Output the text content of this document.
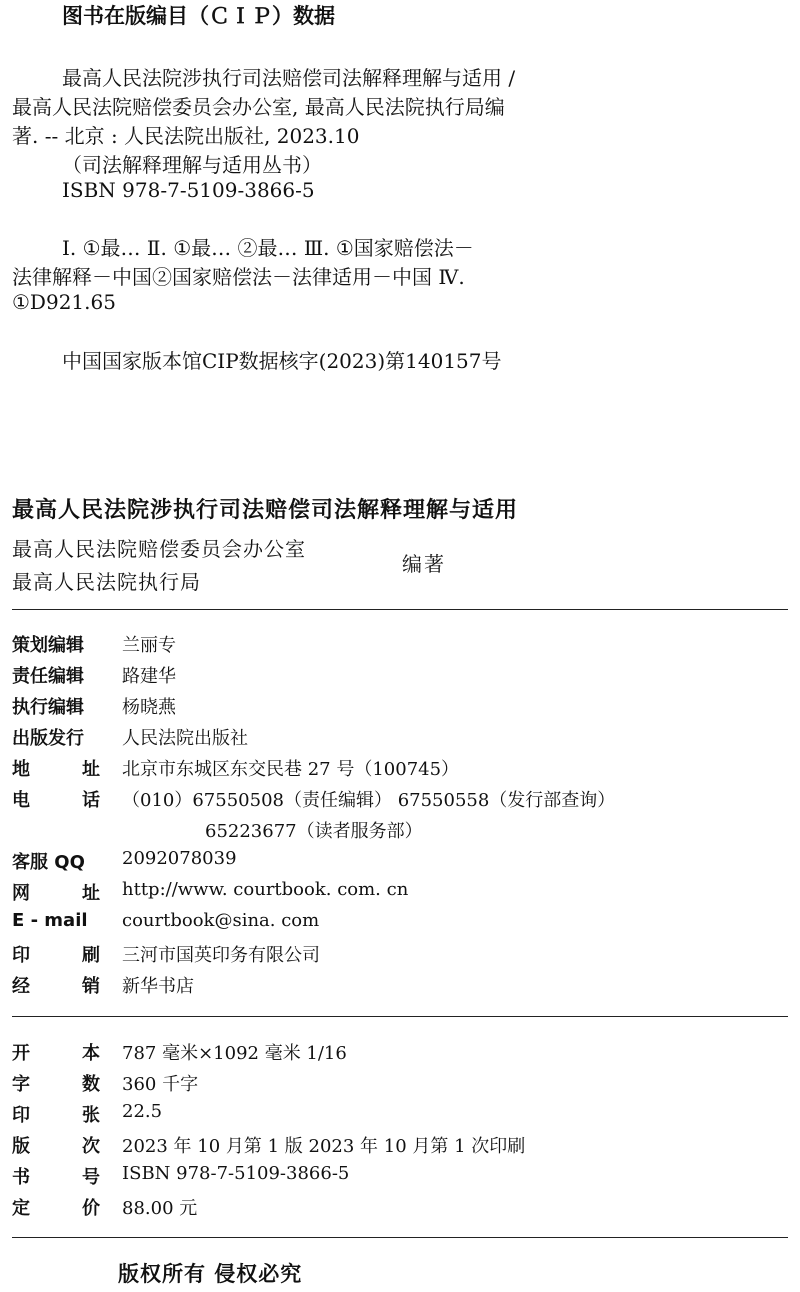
图书在版编目（ＣＩＰ）数据
最高人民法院涉执行司法赔偿司法解释理解与适用 /
最高人民法院赔偿委员会办公室, 最高人民法院执行局编
著. -- 北京 : 人民法院出版社, 2023.10
（司法解释理解与适用丛书）
ISBN 978-7-5109-3866-5
Ⅰ. ①最… Ⅱ. ①最… ②最… Ⅲ. ①国家赔偿法－
法律解释－中国②国家赔偿法－法律适用－中国 Ⅳ.
①D921.65
中国国家版本馆CIP数据核字(2023)第140157号
最高人民法院涉执行司法赔偿司法解释理解与适用
最高人民法院赔偿委员会办公室
最高人民法院执行局
编著
策划编辑 兰丽专
责任编辑 路建华
执行编辑 杨晓燕
出版发行 人民法院出版社
地	址 北京市东城区东交民巷 27 号（100745）
电	话 （010）67550508（责任编辑） 67550558（发行部查询）
65223677（读者服务部）
客服 QQ 2092078039
网	址 http://www. courtbook. com. cn
E - mail courtbook@sina. com
印	刷 三河市国英印务有限公司
经	销 新华书店
开	本 787 毫米×1092 毫米 1/16
字	数 360 千字
印	张 22.5
版	次 2023 年 10 月第 1 版 2023 年 10 月第 1 次印刷
书	号 ISBN 978-7-5109-3866-5
定	价 88.00 元
版权所有 侵权必究
